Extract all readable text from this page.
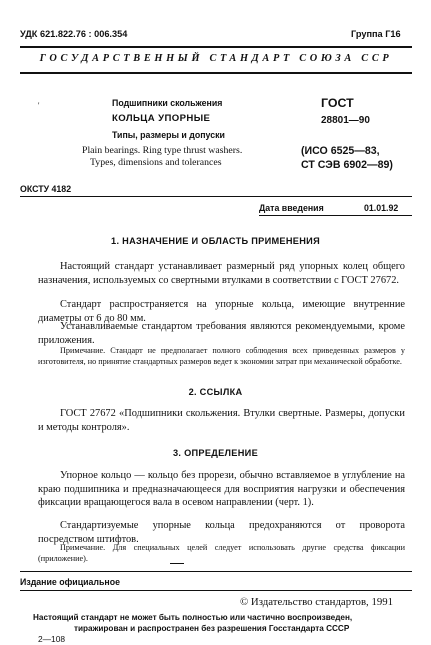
УДК 621.822.76 : 006.354	Группа Г16
ГОСУДАРСТВЕННЫЙ СТАНДАРТ СОЮЗА ССР
'	Подшипники скольжения
КОЛЬЦА УПОРНЫЕ
Типы, размеры и допуски
Plain bearings. Ring type thrust washers.
Types, dimensions and tolerances
ГОСТ
28801—90
(ИСО 6525—83,
СТ СЭВ 6902—89)
ОКСТУ 4182
Дата введения	01.01.92
1. НАЗНАЧЕНИЕ И ОБЛАСТЬ ПРИМЕНЕНИЯ
Настоящий стандарт устанавливает размерный ряд упорных колец общего назначения, используемых со свертными втулками в соответствии с ГОСТ 27672.
Стандарт распространяется на упорные кольца, имеющие внутренние диаметры от 6 до 80 мм.
Устанавливаемые стандартом требования являются рекомендуемыми, кроме приложения.
Примечание. Стандарт не предполагает полного соблюдения всех приведенных размеров у изготовителя, но принятие стандартных размеров ведет к экономии затрат при механической обработке.
2. ССЫЛКА
ГОСТ 27672 «Подшипники скольжения. Втулки свертные. Размеры, допуски и методы контроля».
3. ОПРЕДЕЛЕНИЕ
Упорное кольцо — кольцо без прорези, обычно вставляемое в углубление на краю подшипника и предназначающееся для восприятия нагрузки и обеспечения фиксации вращающегося вала в осевом направлении (черт. 1).
Стандартизуемые упорные кольца предохраняются от проворота посредством штифтов.
Примечание. Для специальных целей следует использовать другие средства фиксации (приложение).
Издание официальное
© Издательство стандартов, 1991
Настоящий стандарт не может быть полностью или частично воспроизведен,
тиражирован и распространен без разрешения Госстандарта СССР
2—108
